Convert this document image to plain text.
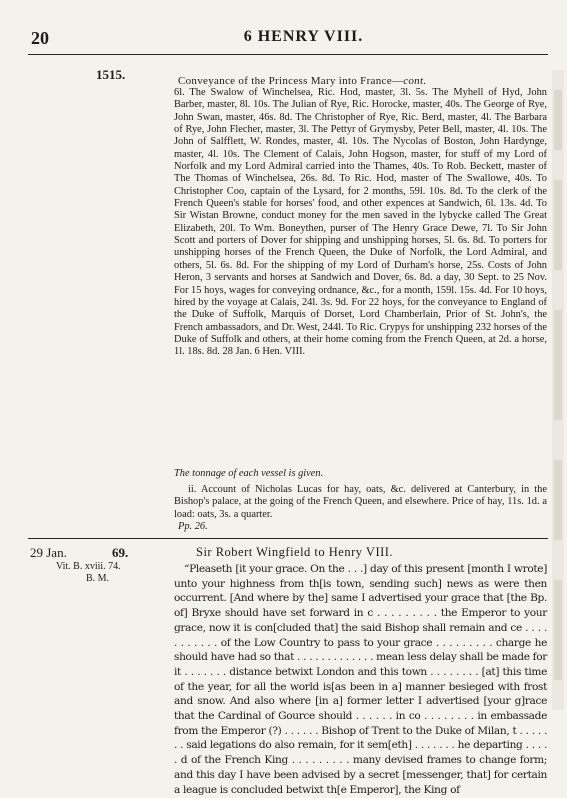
20	6 HENRY VIII.
1515.	Conveyance of the Princess Mary into France—cont.
6l. The Swalow of Winchelsea, Ric. Hod, master, 3l. 5s. The Myhell of Hyd, John Barber, master, 8l. 10s. The Julian of Rye, Ric. Horocke, master, 40s. The George of Rye, John Swan, master, 46s. 8d. The Christopher of Rye, Ric. Berd, master, 4l. The Barbara of Rye, John Flecher, master, 3l. The Pettyr of Grymysby, Peter Bell, master, 4l. 10s. The John of Salfflett, W. Rondes, master, 4l. 10s. The Nycolas of Boston, John Hardynge, master, 4l. 10s. The Clement of Calais, John Hogson, master, for stuff of my Lord of Norfolk and my Lord Admiral carried into the Thames, 40s. To Rob. Beckett, master of The Thomas of Winchelsea, 26s. 8d. To Ric. Hod, master of The Swallowe, 40s. To Christopher Coo, captain of the Lysard, for 2 months, 59l. 10s. 8d. To the clerk of the French Queen's stable for horses' food, and other expences at Sandwich, 6l. 13s. 4d. To Sir Wistan Browne, conduct money for the men saved in the lybycke called The Great Elizabeth, 20l. To Wm. Boneythen, purser of The Henry Grace Dewe, 7l. To Sir John Scott and porters of Dover for shipping and unshipping horses, 5l. 6s. 8d. To porters for unshipping horses of the French Queen, the Duke of Norfolk, the Lord Admiral, and others, 5l. 6s. 8d. For the shipping of my Lord of Durham's horse, 25s. Costs of John Heron, 3 servants and horses at Sandwich and Dover, 6s. 8d. a day, 30 Sept. to 25 Nov. For 15 hoys, wages for conveying ordnance, &c., for a month, 159l. 15s. 4d. For 10 hoys, hired by the voyage at Calais, 24l. 3s. 9d. For 22 hoys, for the conveyance to England of the Duke of Suffolk, Marquis of Dorset, Lord Chamberlain, Prior of St. John's, the French ambassadors, and Dr. West, 244l. To Ric. Crypys for unshipping 232 horses of the Duke of Suffolk and others, at their home coming from the French Queen, at 2d. a horse, 1l. 18s. 8d. 28 Jan. 6 Hen. VIII.
The tonnage of each vessel is given.
ii. Account of Nicholas Lucas for hay, oats, &c. delivered at Canterbury, in the Bishop's palace, at the going of the French Queen, and elsewhere. Price of hay, 11s. 1d. a load: oats, 3s. a quarter.
Pp. 26.
29 Jan.	69.
Vit. B. xviii. 74.
B. M.
Sir Robert Wingfield to Henry VIII.
“Pleaseth [it your grace. On the . . .] day of this present [month I wrote] unto your highness from th[is town, sending such] news as were then occurrent. [And where by the] same I advertised your grace that [the Bp. of] Bryxe should have set forward in c . . . . . . . . . the Emperor to your grace, now it is con[cluded that] the said Bishop shall remain and ce . . . . . . . . . . . of the Low Country to pass to your grace . . . . . . . . . charge he should have had so that . . . . . . . . . . . . . mean less delay shall be made for it . . . . . . . distance betwixt London and this town . . . . . . . . [at] this time of the year, for all the world is[as been in a] manner besieged with frost and snow. And also where [in a] former letter I advertised [your g]race that the Cardinal of Gource should . . . . . . in co . . . . . . . . in embassade from the Emperor (?) . . . . . . Bishop of Trent to the Duke of Milan, t . . . . . . . said legations do also remain, for it sem[eth] . . . . . . . he departing . . . . . d of the French King . . . . . . . . . many devised frames to change form; and this day I have been advised by a secret [messenger, that] for certain a league is concluded betwixt th[e Emperor], the King of
